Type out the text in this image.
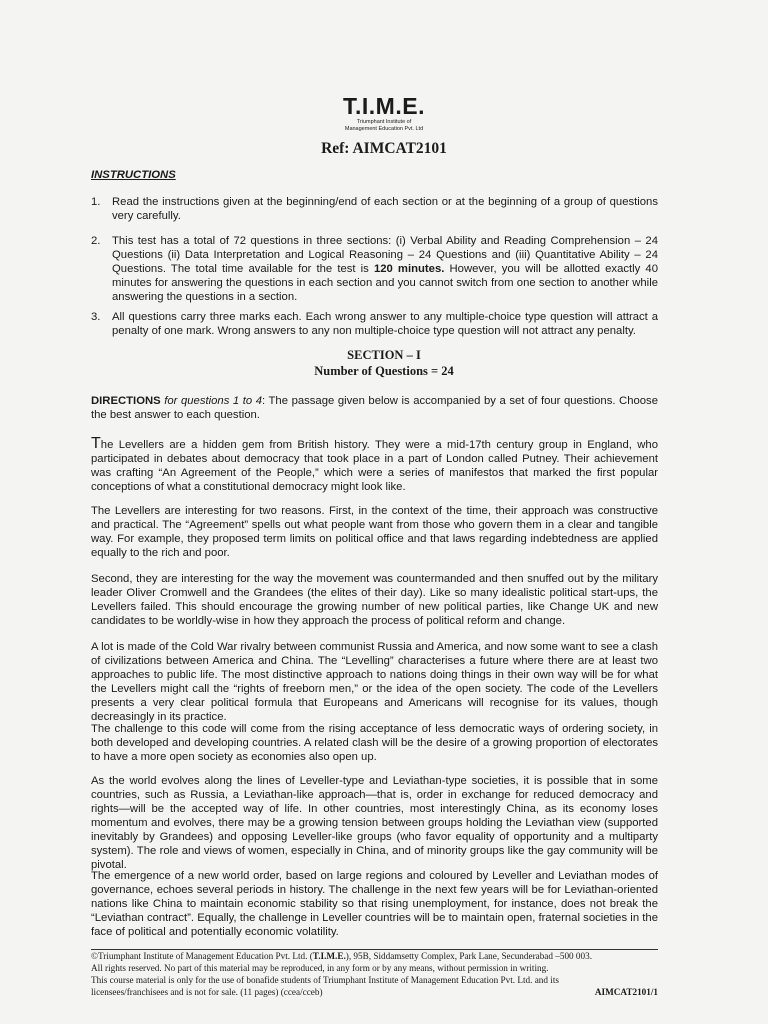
T.I.M.E.
Triumphant Institute of
Management Education Pvt. Ltd
Ref: AIMCAT2101
INSTRUCTIONS
1. Read the instructions given at the beginning/end of each section or at the beginning of a group of questions very carefully.
2. This test has a total of 72 questions in three sections: (i) Verbal Ability and Reading Comprehension – 24 Questions (ii) Data Interpretation and Logical Reasoning – 24 Questions and (iii) Quantitative Ability – 24 Questions. The total time available for the test is 120 minutes. However, you will be allotted exactly 40 minutes for answering the questions in each section and you cannot switch from one section to another while answering the questions in a section.
3. All questions carry three marks each. Each wrong answer to any multiple-choice type question will attract a penalty of one mark. Wrong answers to any non multiple-choice type question will not attract any penalty.
SECTION – I
Number of Questions = 24

DIRECTIONS for questions 1 to 4: The passage given below is accompanied by a set of four questions. Choose the best answer to each question.

The Levellers are a hidden gem from British history. They were a mid-17th century group in England, who participated in debates about democracy that took place in a part of London called Putney. Their achievement was crafting “An Agreement of the People,” which were a series of manifestos that marked the first popular conceptions of what a constitutional democracy might look like.

The Levellers are interesting for two reasons. First, in the context of the time, their approach was constructive and practical. The “Agreement” spells out what people want from those who govern them in a clear and tangible way. For example, they proposed term limits on political office and that laws regarding indebtedness are applied equally to the rich and poor.

Second, they are interesting for the way the movement was countermanded and then snuffed out by the military leader Oliver Cromwell and the Grandees (the elites of their day). Like so many idealistic political start-ups, the Levellers failed. This should encourage the growing number of new political parties, like Change UK and new candidates to be worldly-wise in how they approach the process of political reform and change.

A lot is made of the Cold War rivalry between communist Russia and America, and now some want to see a clash of civilizations between America and China. The “Levelling” characterises a future where there are at least two approaches to public life. The most distinctive approach to nations doing things in their own way will be for what the Levellers might call the “rights of freeborn men,” or the idea of the open society. The code of the Levellers presents a very clear political formula that Europeans and Americans will recognise for its values, though decreasingly in its practice.

The challenge to this code will come from the rising acceptance of less democratic ways of ordering society, in both developed and developing countries. A related clash will be the desire of a growing proportion of electorates to have a more open society as economies also open up.

As the world evolves along the lines of Leveller-type and Leviathan-type societies, it is possible that in some countries, such as Russia, a Leviathan-like approach—that is, order in exchange for reduced democracy and rights—will be the accepted way of life. In other countries, most interestingly China, as its economy loses momentum and evolves, there may be a growing tension between groups holding the Leviathan view (supported inevitably by Grandees) and opposing Leveller-like groups (who favor equality of opportunity and a multiparty system). The role and views of women, especially in China, and of minority groups like the gay community will be pivotal.

The emergence of a new world order, based on large regions and coloured by Leveller and Leviathan modes of governance, echoes several periods in history. The challenge in the next few years will be for Leviathan-oriented nations like China to maintain economic stability so that rising unemployment, for instance, does not break the “Leviathan contract”. Equally, the challenge in Leveller countries will be to maintain open, fraternal societies in the face of political and potentially economic volatility.

©Triumphant Institute of Management Education Pvt. Ltd. (T.I.M.E.), 95B, Siddamsetty Complex, Park Lane, Secunderabad –500 003.
All rights reserved. No part of this material may be reproduced, in any form or by any means, without permission in writing.
This course material is only for the use of bonafide students of Triumphant Institute of Management Education Pvt. Ltd. and its
licensees/franchisees and is not for sale. (11 pages) (ccea/cceb)	AIMCAT2101/1
